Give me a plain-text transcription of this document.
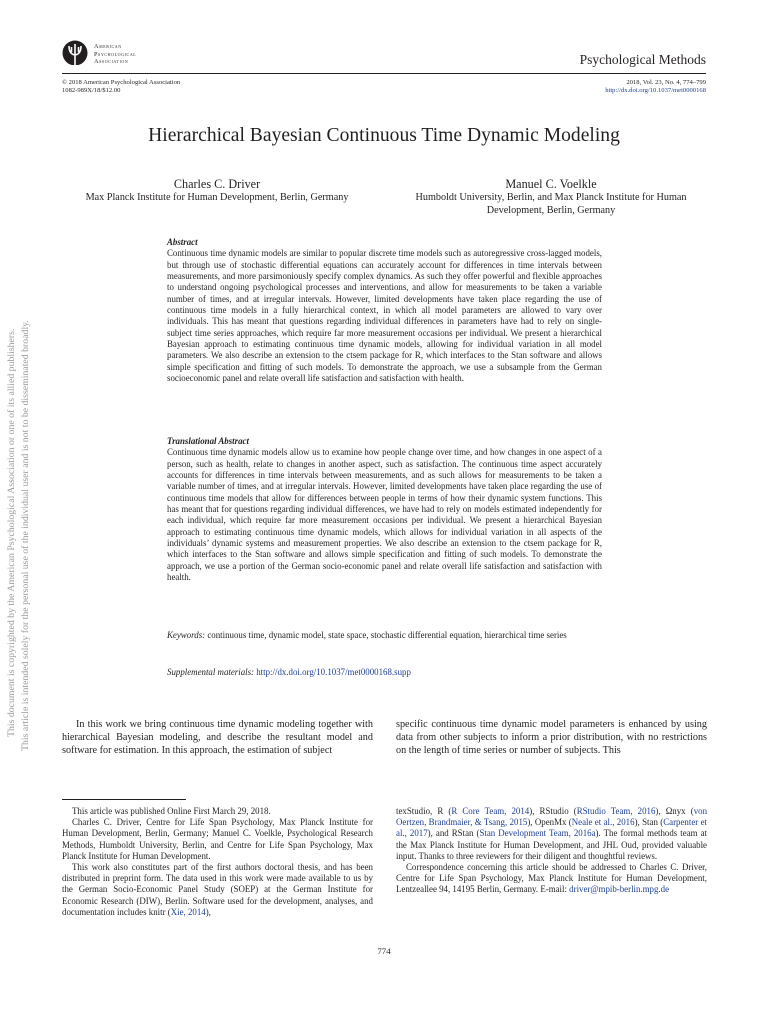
American
Psychological
Association	Psychological Methods
© 2018 American Psychological Association
1082-989X/18/$12.00
2018, Vol. 23, No. 4, 774–799
http://dx.doi.org/10.1037/met0000168
Hierarchical Bayesian Continuous Time Dynamic Modeling
Charles C. Driver
Max Planck Institute for Human Development, Berlin, Germany
Manuel C. Voelkle
Humboldt University, Berlin, and Max Planck Institute for Human Development, Berlin, Germany
Abstract
Continuous time dynamic models are similar to popular discrete time models such as autoregressive cross-lagged models, but through use of stochastic differential equations can accurately account for differences in time intervals between measurements, and more parsimoniously specify complex dynamics. As such they offer powerful and flexible approaches to understand ongoing psychological processes and interventions, and allow for measurements to be taken a variable number of times, and at irregular intervals. However, limited developments have taken place regarding the use of continuous time models in a fully hierarchical context, in which all model parameters are allowed to vary over individuals. This has meant that questions regarding individual differences in parameters have had to rely on single-subject time series approaches, which require far more measurement occasions per individual. We present a hierarchical Bayesian approach to estimating continuous time dynamic models, allowing for individual variation in all model parameters. We also describe an extension to the ctsem package for R, which interfaces to the Stan software and allows simple specification and fitting of such models. To demonstrate the approach, we use a subsample from the German socioeconomic panel and relate overall life satisfaction and satisfaction with health.
Translational Abstract
Continuous time dynamic models allow us to examine how people change over time, and how changes in one aspect of a person, such as health, relate to changes in another aspect, such as satisfaction. The continuous time aspect accurately accounts for differences in time intervals between measurements, and as such allows for measurements to be taken a variable number of times, and at irregular intervals. However, limited developments have taken place regarding the use of continuous time models that allow for differences between people in terms of how their dynamic system functions. This has meant that for questions regarding individual differences, we have had to rely on models estimated independently for each individual, which require far more measurement occasions per individual. We present a hierarchical Bayesian approach to estimating continuous time dynamic models, which allows for individual variation in all aspects of the individuals’ dynamic systems and measurement properties. We also describe an extension to the ctsem package for R, which interfaces to the Stan software and allows simple specification and fitting of such models. To demonstrate the approach, we use a portion of the German socio-economic panel and relate overall life satisfaction and satisfaction with health.
Keywords: continuous time, dynamic model, state space, stochastic differential equation, hierarchical time series
Supplemental materials: http://dx.doi.org/10.1037/met0000168.supp
This document is copyrighted by the American Psychological Association or one of its allied publishers. This article is intended solely for the personal use of the individual user and is not to be disseminated broadly.	In this work we bring continuous time dynamic modeling together with hierarchical Bayesian modeling, and describe the resultant model and software for estimation. In this approach, the estimation of subject

specific continuous time dynamic model parameters is enhanced by using data from other subjects to inform a prior distribution, with no restrictions on the length of time series or number of subjects. This

This article was published Online First March 29, 2018.

Charles C. Driver, Centre for Life Span Psychology, Max Planck Institute for Human Development, Berlin, Germany; Manuel C. Voelkle, Psychological Research Methods, Humboldt University, Berlin, and Centre for Life Span Psychology, Max Planck Institute for Human Development.

This work also constitutes part of the first authors doctoral thesis, and has been distributed in preprint form. The data used in this work were made available to us by the German Socio-Economic Panel Study (SOEP) at the German Institute for Economic Research (DIW), Berlin. Software used for the development, analyses, and documentation includes knitr (Xie, 2014),

texStudio, R (R Core Team, 2014), RStudio (RStudio Team, 2016), Ωnyx (von Oertzen, Brandmaier, & Tsang, 2015), OpenMx (Neale et al., 2016), Stan (Carpenter et al., 2017), and RStan (Stan Development Team, 2016a). The formal methods team at the Max Planck Institute for Human Development, and JHL Oud, provided valuable input. Thanks to three reviewers for their diligent and thoughtful reviews.

Correspondence concerning this article should be addressed to Charles C. Driver, Centre for Life Span Psychology, Max Planck Institute for Human Development, Lentzeallee 94, 14195 Berlin, Germany. E-mail: driver@mpib-berlin.mpg.de

774
